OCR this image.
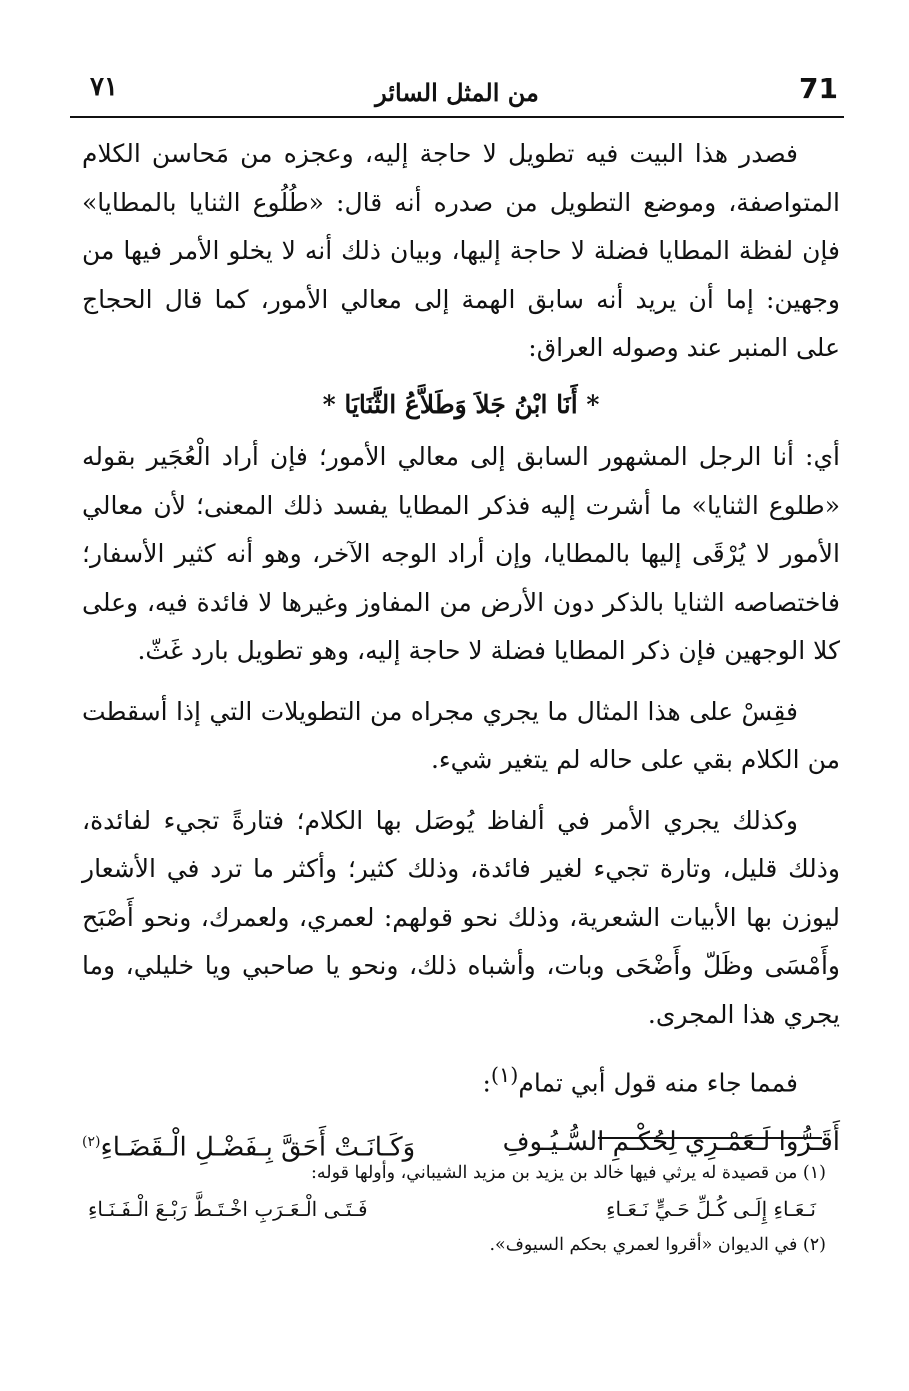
71
من المثل السائر
٧١

فصدر هذا البيت فيه تطويل لا حاجة إليه، وعجزه من مَحاسن الكلام المتواصفة، وموضع التطويل من صدره أنه قال: «طُلُوع الثنايا بالمطايا» فإن لفظة المطايا فضلة لا حاجة إليها، وبيان ذلك أنه لا يخلو الأمر فيها من وجهين: إما أن يريد أنه سابق الهمة إلى معالي الأمور، كما قال الحجاج على المنبر عند وصوله العراق:

* أَنَا ابْنُ جَلاَ وَطَلاَّعُ الثَّنَايَا *

أي: أنا الرجل المشهور السابق إلى معالي الأمور؛ فإن أراد الْعُجَير بقوله «طلوع الثنايا» ما أشرت إليه فذكر المطايا يفسد ذلك المعنى؛ لأن معالي الأمور لا يُرْقَى إليها بالمطايا، وإن أراد الوجه الآخر، وهو أنه كثير الأسفار؛ فاختصاصه الثنايا بالذكر دون الأرض من المفاوز وغيرها لا فائدة فيه، وعلى كلا الوجهين فإن ذكر المطايا فضلة لا حاجة إليه، وهو تطويل بارد غَثّ.

فقِسْ على هذا المثال ما يجري مجراه من التطويلات التي إذا أسقطت من الكلام بقي على حاله لم يتغير شيء.

وكذلك يجري الأمر في ألفاظ يُوصَل بها الكلام؛ فتارةً تجيء لفائدة، وذلك قليل، وتارة تجيء لغير فائدة، وذلك كثير؛ وأكثر ما ترد في الأشعار ليوزن بها الأبيات الشعرية، وذلك نحو قولهم: لعمري، ولعمرك، ونحو أَصْبَح وأَمْسَى وظَلّ وأَضْحَى وبات، وأشباه ذلك، ونحو يا صاحبي ويا خليلي، وما يجري هذا المجرى.

فمما جاء منه قول أبي تمام$^{(١)}$:

أَقَـرُّوا لَـعَمْـرِي لِحُكْـمِ السُّـيُـوفِ
وَكَـانَـتْ أَحَقَّ بِـفَضْـلِ الْـقَضَـاءِ$^{(٢)}$

(١) من قصيدة له يرثي فيها خالد بن يزيد بن مزيد الشيباني، وأولها قوله:

نَـعَـاءِ إِلَـى كُـلِّ حَـيٍّ نَـعَـاءِ
فَـتَـى الْـعَـرَبِ اخْـتَـطَّ رَبْـعَ الْـفَـنَـاءِ

(٢) في الديوان «أقروا لعمري بحكم السيوف».
